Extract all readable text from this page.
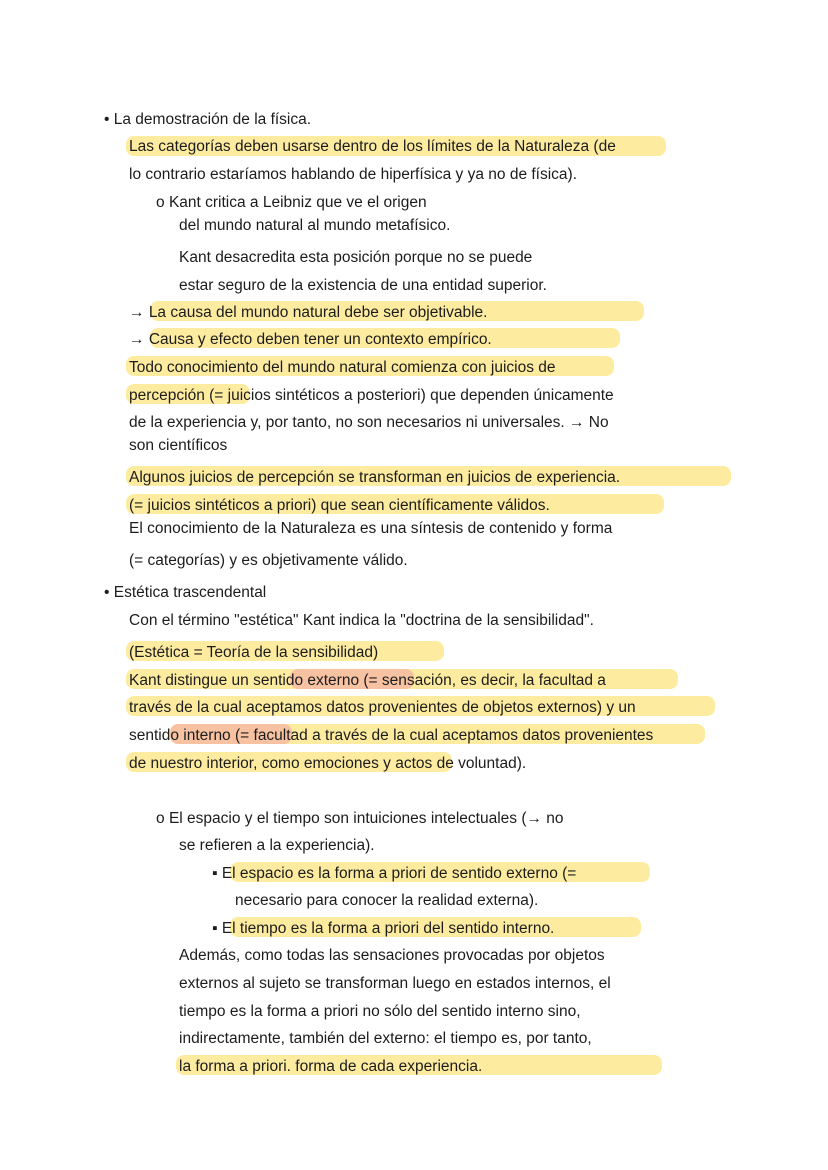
• La demostración de la física.
Las categorías deben usarse dentro de los límites de la Naturaleza (de
lo contrario estaríamos hablando de hiperfísica y ya no de física).
o Kant critica a Leibniz que ve el origen
del mundo natural al mundo metafísico.
Kant desacredita esta posición porque no se puede
estar seguro de la existencia de una entidad superior.
→ La causa del mundo natural debe ser objetivable.
→ Causa y efecto deben tener un contexto empírico.
Todo conocimiento del mundo natural comienza con juicios de
percepción (= juicios sintéticos a posteriori) que dependen únicamente
de la experiencia y, por tanto, no son necesarios ni universales. → No
son científicos
Algunos juicios de percepción se transforman en juicios de experiencia.
(= juicios sintéticos a priori) que sean científicamente válidos.
El conocimiento de la Naturaleza es una síntesis de contenido y forma
(= categorías) y es objetivamente válido.
• Estética trascendental
Con el término "estética" Kant indica la "doctrina de la sensibilidad".
(Estética = Teoría de la sensibilidad)
Kant distingue un sentido externo (= sensación, es decir, la facultad a
través de la cual aceptamos datos provenientes de objetos externos) y un
sentido interno (= facultad a través de la cual aceptamos datos provenientes
de nuestro interior, como emociones y actos de voluntad).
o El espacio y el tiempo son intuiciones intelectuales (→ no
se refieren a la experiencia).
▪ El espacio es la forma a priori de sentido externo (=
necesario para conocer la realidad externa).
▪ El tiempo es la forma a priori del sentido interno.
Además, como todas las sensaciones provocadas por objetos
externos al sujeto se transforman luego en estados internos, el
tiempo es la forma a priori no sólo del sentido interno sino,
indirectamente, también del externo: el tiempo es, por tanto,
la forma a priori. forma de cada experiencia.
